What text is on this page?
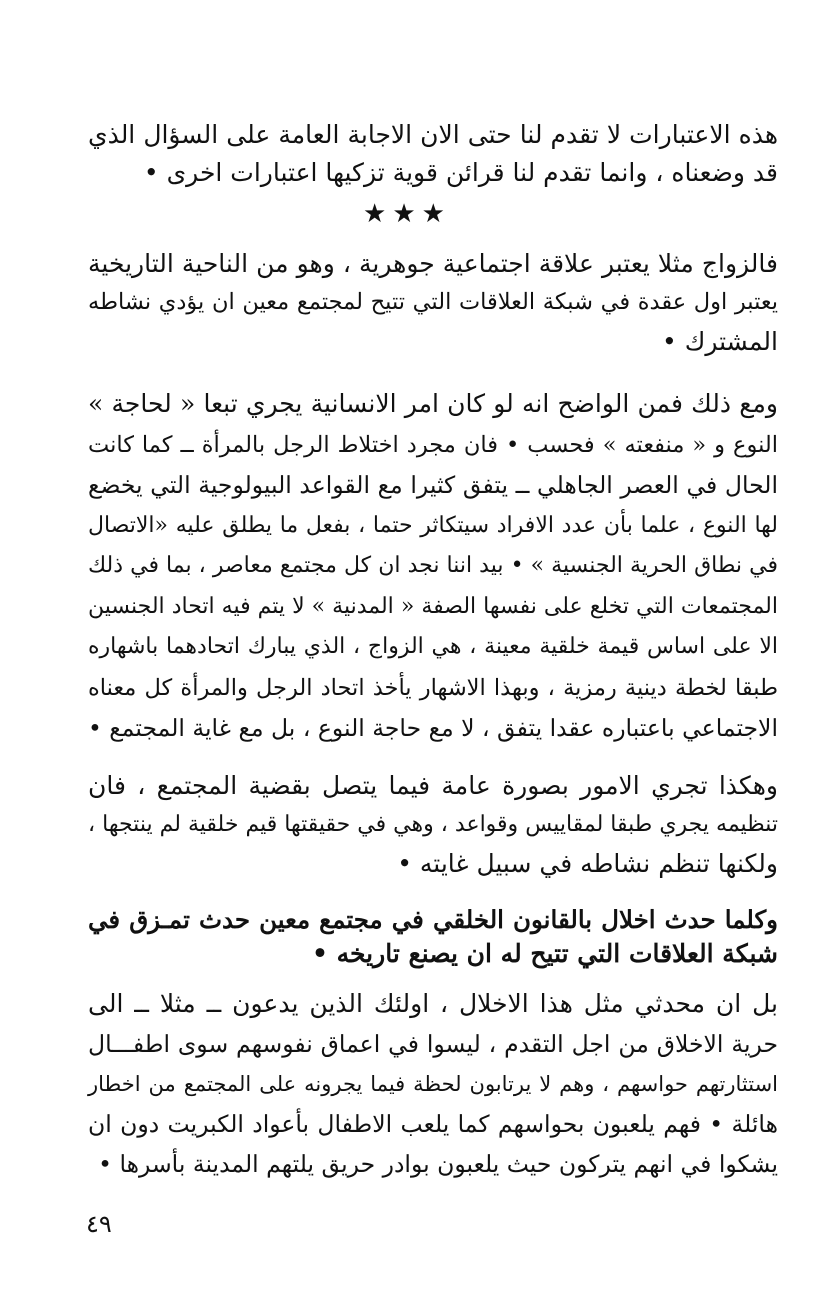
هذه الاعتبارات لا تقدم لنا حتى الان الاجابة العامة على السؤال الذي
قد وضعناه ، وانما تقدم لنا قرائن قوية تزكيها اعتبارات اخرى •
★★★
فالزواج مثلا يعتبر علاقة اجتماعية جوهرية ، وهو من الناحية التاريخية
يعتبر اول عقدة في شبكة العلاقات التي تتيح لمجتمع معين ان يؤدي نشاطه
المشترك •
ومع ذلك فمن الواضح انه لو كان امر الانسانية يجري تبعا « لحاجة »
النوع و « منفعته » فحسب • فان مجرد اختلاط الرجل بالمرأة ــ كما كانت
الحال في العصر الجاهلي ــ يتفق كثيرا مع القواعد البيولوجية التي يخضع
لها النوع ، علما بأن عدد الافراد سيتكاثر حتما ، بفعل ما يطلق عليه «الاتصال
في نطاق الحرية الجنسية » • بيد اننا نجد ان كل مجتمع معاصر ، بما في ذلك
المجتمعات التي تخلع على نفسها الصفة « المدنية » لا يتم فيه اتحاد الجنسين
الا على اساس قيمة خلقية معينة ، هي الزواج ، الذي يبارك اتحادهما باشهاره
طبقا لخطة دينية رمزية ، وبهذا الاشهار يأخذ اتحاد الرجل والمرأة كل معناه
الاجتماعي باعتباره عقدا يتفق ، لا مع حاجة النوع ، بل مع غاية المجتمع •
وهكذا تجري الامور بصورة عامة فيما يتصل بقضية المجتمع ، فان
تنظيمه يجري طبقا لمقاييس وقواعد ، وهي في حقيقتها قيم خلقية لم ينتجها ،
ولكنها تنظم نشاطه في سبيل غايته •
وكلما حدث اخلال بالقانون الخلقي في مجتمع معين حدث تمـزق في
شبكة العلاقات التي تتيح له ان يصنع تاريخه •
بل ان محدثي مثل هذا الاخلال ، اولئك الذين يدعون ــ مثلا ــ الى
حرية الاخلاق من اجل التقدم ، ليسوا في اعماق نفوسهم سوى اطفـــال
استثارتهم حواسهم ، وهم لا يرتابون لحظة فيما يجرونه على المجتمع من اخطار
هائلة • فهم يلعبون بحواسهم كما يلعب الاطفال بأعواد الكبريت دون ان
يشكوا في انهم يتركون حيث يلعبون بوادر حريق يلتهم المدينة بأسرها •
٤٩
